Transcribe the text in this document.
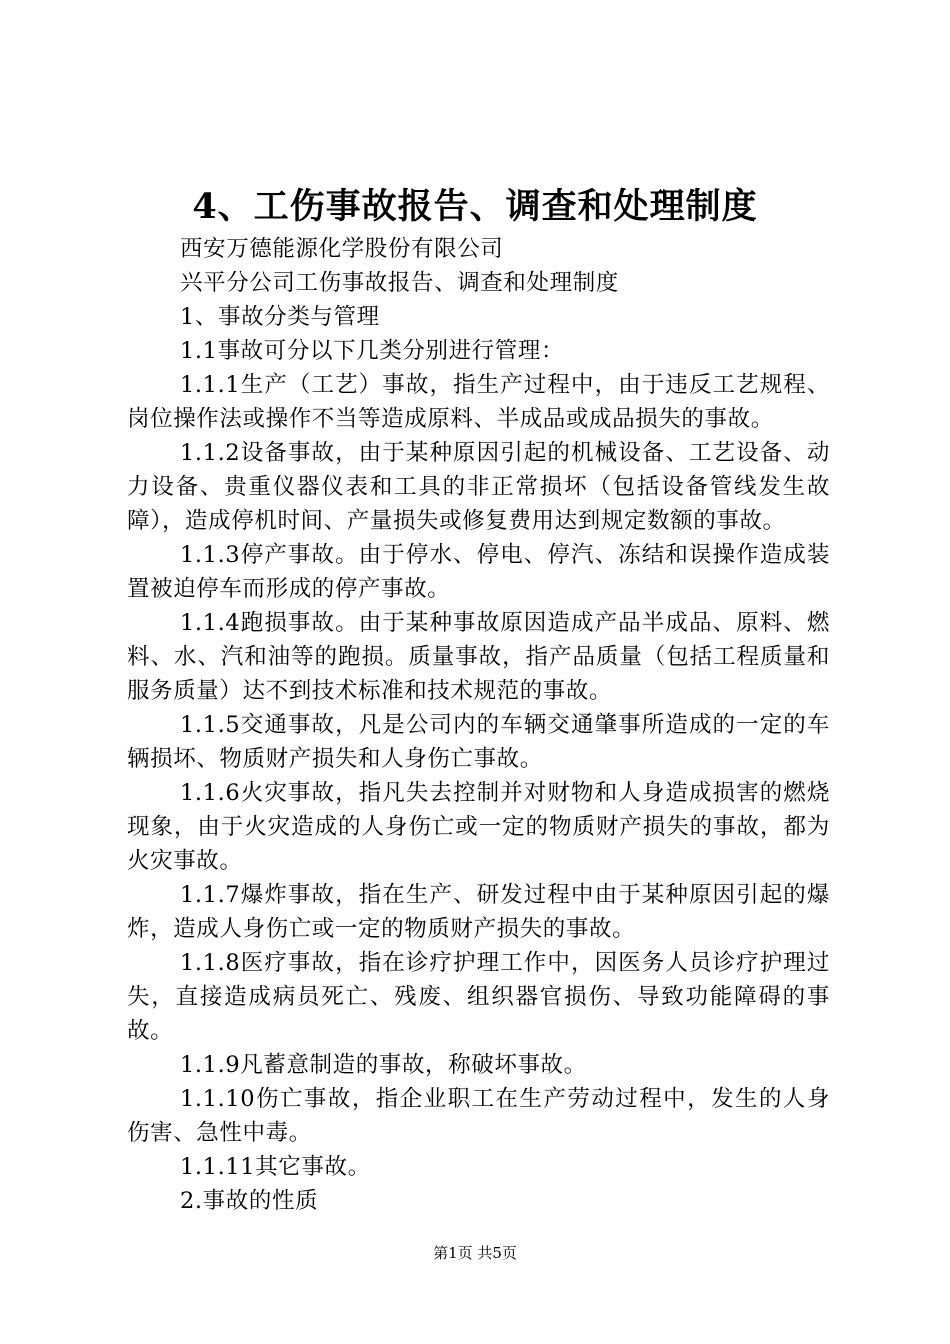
4、工伤事故报告、调查和处理制度

西安万德能源化学股份有限公司

兴平分公司工伤事故报告、调查和处理制度

1、事故分类与管理

1.1事故可分以下几类分别进行管理：

1.1.1生产（工艺）事故，指生产过程中，由于违反工艺规程、岗位操作法或操作不当等造成原料、半成品或成品损失的事故。

1.1.2设备事故，由于某种原因引起的机械设备、工艺设备、动力设备、贵重仪器仪表和工具的非正常损坏（包括设备管线发生故障），造成停机时间、产量损失或修复费用达到规定数额的事故。

1.1.3停产事故。由于停水、停电、停汽、冻结和误操作造成装置被迫停车而形成的停产事故。

1.1.4跑损事故。由于某种事故原因造成产品半成品、原料、燃料、水、汽和油等的跑损。质量事故，指产品质量（包括工程质量和服务质量）达不到技术标准和技术规范的事故。

1.1.5交通事故，凡是公司内的车辆交通肇事所造成的一定的车辆损坏、物质财产损失和人身伤亡事故。

1.1.6火灾事故，指凡失去控制并对财物和人身造成损害的燃烧现象，由于火灾造成的人身伤亡或一定的物质财产损失的事故，都为火灾事故。

1.1.7爆炸事故，指在生产、研发过程中由于某种原因引起的爆炸，造成人身伤亡或一定的物质财产损失的事故。

1.1.8医疗事故，指在诊疗护理工作中，因医务人员诊疗护理过失，直接造成病员死亡、残废、组织器官损伤、导致功能障碍的事故。

1.1.9凡蓄意制造的事故，称破坏事故。

1.1.10伤亡事故，指企业职工在生产劳动过程中，发生的人身伤害、急性中毒。

1.1.11其它事故。

2.事故的性质

第1页 共5页
